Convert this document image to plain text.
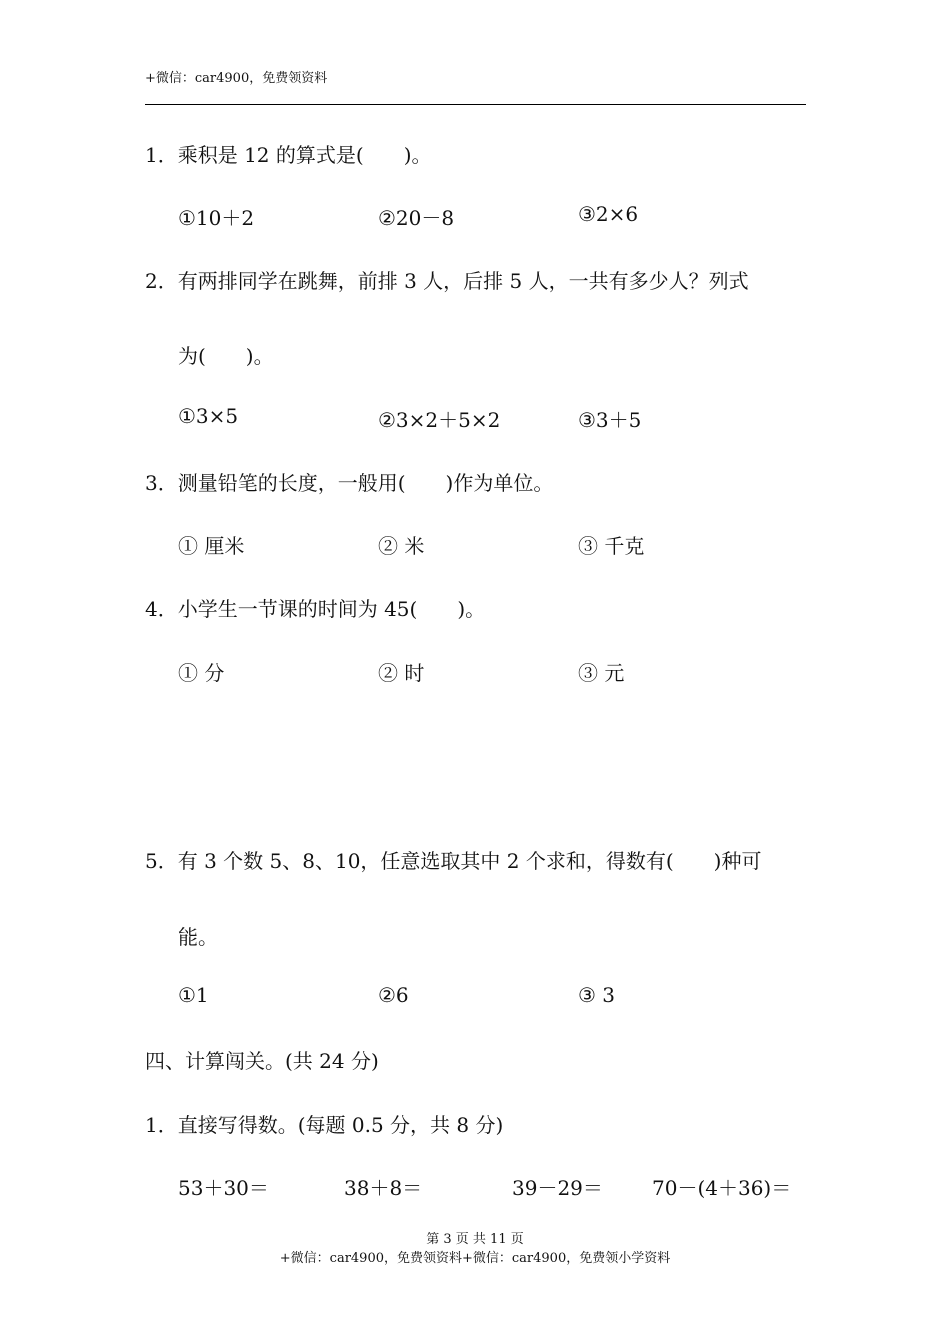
+微信：car4900，免费领资料
1．乘积是 12 的算式是(　　)。
①10＋2	②20－8	③2×6
2．有两排同学在跳舞，前排 3 人，后排 5 人，一共有多少人？列式
为(　　)。
①3×5	②3×2＋5×2	③3＋5
3．测量铅笔的长度，一般用(　　)作为单位。
① 厘米	② 米	③ 千克
4．小学生一节课的时间为 45(　　)。
① 分	② 时	③ 元
5．有 3 个数 5、8、10，任意选取其中 2 个求和，得数有(　　)种可
能。
①1	②6	③ 3
四、计算闯关。(共 24 分)
1．直接写得数。(每题 0.5 分，共 8 分)
53＋30＝	38＋8＝	39－29＝ 70－(4＋36)＝
第 3 页 共 11 页
+微信：car4900，免费领资料+微信：car4900，免费领小学资料
